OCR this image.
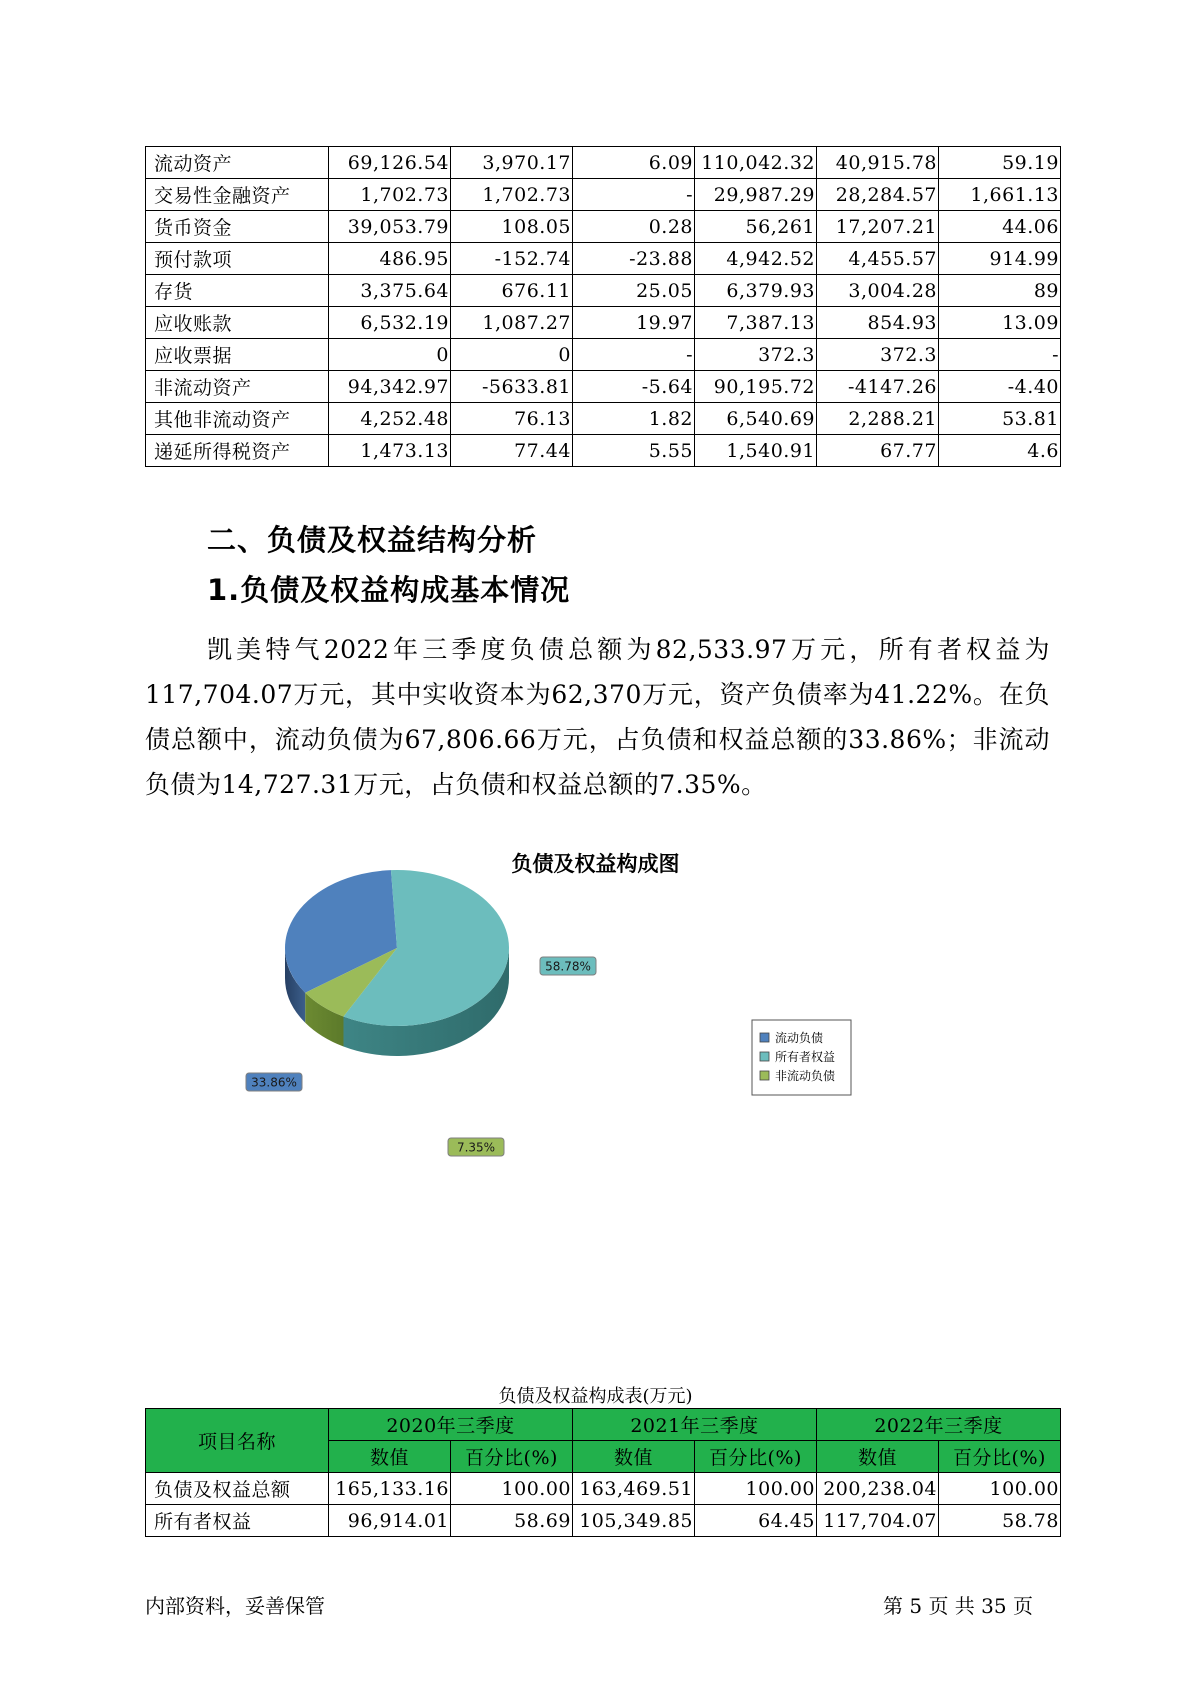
流动资产	69,126.54	3,970.17	6.09	110,042.32	40,915.78	59.19
交易性金融资产	1,702.73	1,702.73	-	29,987.29	28,284.57	1,661.13
货币资金	39,053.79	108.05	0.28	56,261	17,207.21	44.06
预付款项	486.95	-152.74	-23.88	4,942.52	4,455.57	914.99
存货	3,375.64	676.11	25.05	6,379.93	3,004.28	89
应收账款	6,532.19	1,087.27	19.97	7,387.13	854.93	13.09
应收票据	0	0	-	372.3	372.3	-
非流动资产	94,342.97	-5633.81	-5.64	90,195.72	-4147.26	-4.40
其他非流动资产	4,252.48	76.13	1.82	6,540.69	2,288.21	53.81
递延所得税资产	1,473.13	77.44	5.55	1,540.91	67.77	4.6
二、负债及权益结构分析
1.负债及权益构成基本情况
凯美特气2022年三季度负债总额为82,533.97万元，所有者权益为117,704.07万元，其中实收资本为62,370万元，资产负债率为41.22%。在负债总额中，流动负债为67,806.66万元，占负债和权益总额的33.86%；非流动负债为14,727.31万元，占负债和权益总额的7.35%。
负债及权益构成图
33.86%
58.78%
7.35%
流动负债
所有者权益
非流动负债
负债及权益构成表(万元)
项目名称	2020年三季度		2021年三季度		2022年三季度	
	数值	百分比(%)	数值	百分比(%)	数值	百分比(%)
负债及权益总额	165,133.16	100.00	163,469.51	100.00	200,238.04	100.00
所有者权益	96,914.01	58.69	105,349.85	64.45	117,704.07	58.78
内部资料，妥善保管	第 5 页 共 35 页
